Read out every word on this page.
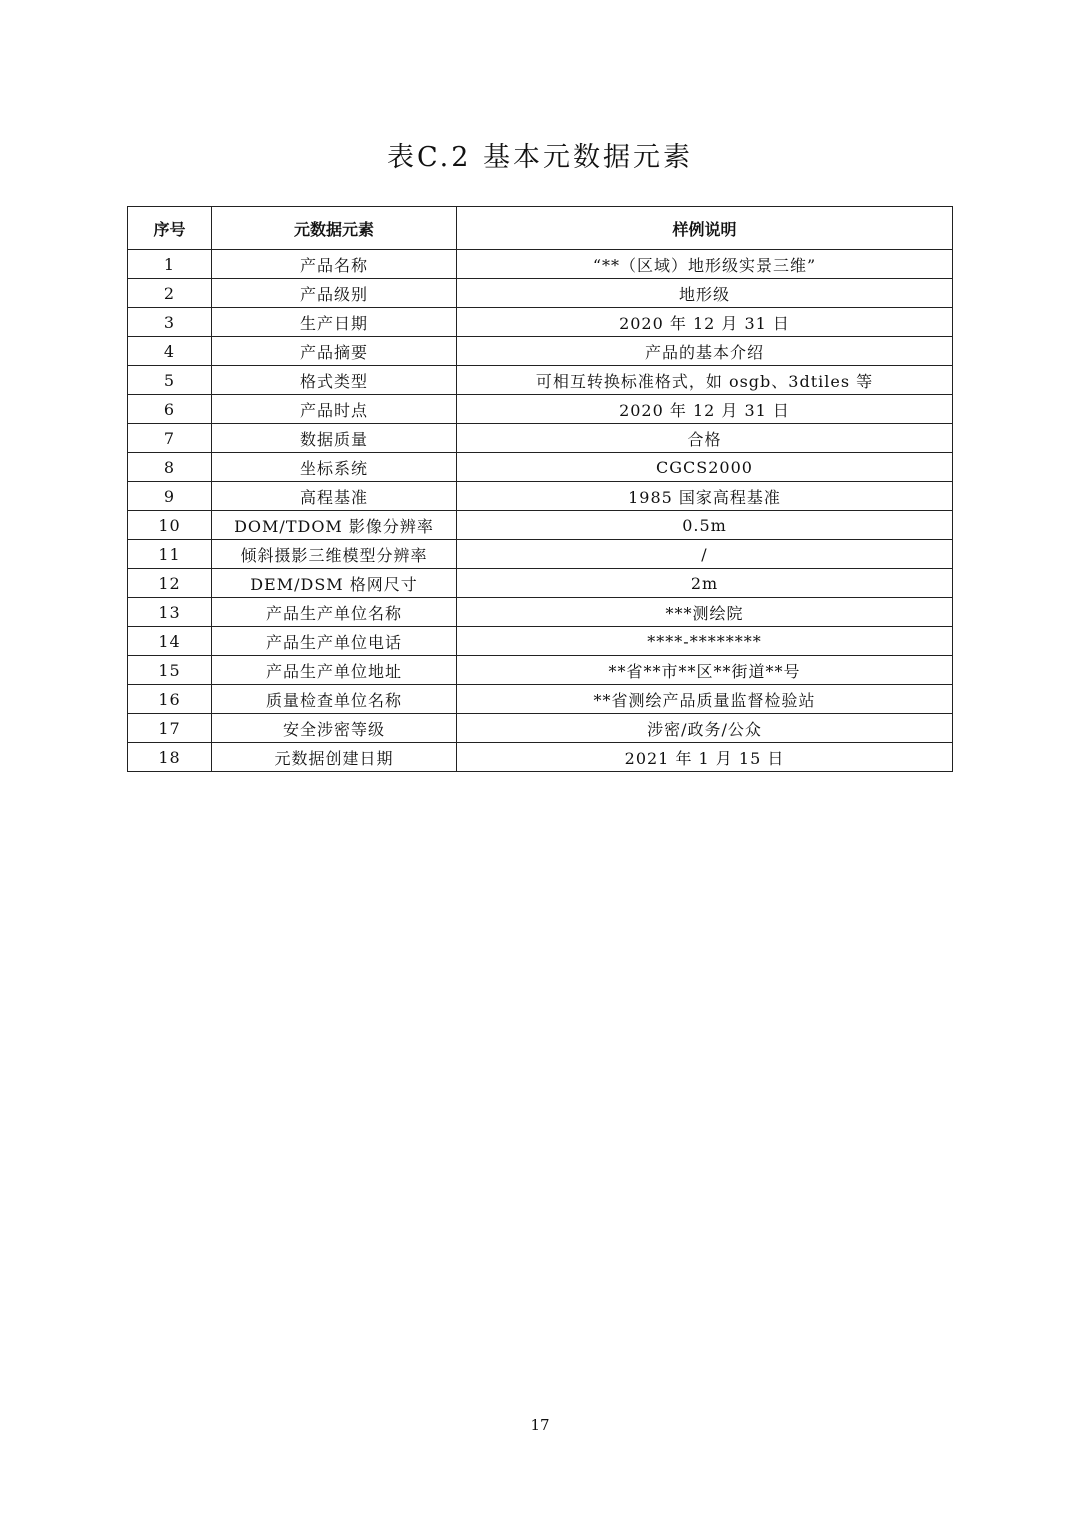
表C.2 基本元数据元素
序号	元数据元素	样例说明
1	产品名称	“**（区域）地形级实景三维”
2	产品级别	地形级
3	生产日期	2020 年 12 月 31 日
4	产品摘要	产品的基本介绍
5	格式类型	可相互转换标准格式，如 osgb、3dtiles 等
6	产品时点	2020 年 12 月 31 日
7	数据质量	合格
8	坐标系统	CGCS2000
9	高程基准	1985 国家高程基准
10	DOM/TDOM 影像分辨率	0.5m
11	倾斜摄影三维模型分辨率	/
12	DEM/DSM 格网尺寸	2m
13	产品生产单位名称	***测绘院
14	产品生产单位电话	****-********
15	产品生产单位地址	**省**市**区**街道**号
16	质量检查单位名称	**省测绘产品质量监督检验站
17	安全涉密等级	涉密/政务/公众
18	元数据创建日期	2021 年 1 月 15 日
17
